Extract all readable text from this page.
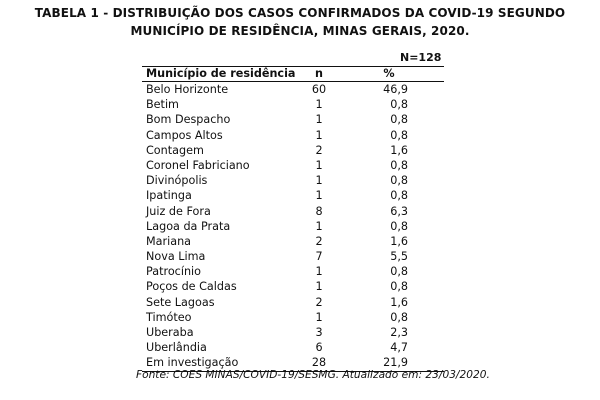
TABELA 1 - DISTRIBUIÇÃO DOS CASOS CONFIRMADOS DA COVID-19 SEGUNDO
MUNICÍPIO DE RESIDÊNCIA, MINAS GERAIS, 2020.
N=128
Município de residência	n	%
Belo Horizonte	60	46,9
Betim	1	0,8
Bom Despacho	1	0,8
Campos Altos	1	0,8
Contagem	2	1,6
Coronel Fabriciano	1	0,8
Divinópolis	1	0,8
Ipatinga	1	0,8
Juiz de Fora	8	6,3
Lagoa da Prata	1	0,8
Mariana	2	1,6
Nova Lima	7	5,5
Patrocínio	1	0,8
Poços de Caldas	1	0,8
Sete Lagoas	2	1,6
Timóteo	1	0,8
Uberaba	3	2,3
Uberlândia	6	4,7
Em investigação	28	21,9
Fonte: COES MINAS/COVID-19/SESMG. Atualizado em: 23/03/2020.
